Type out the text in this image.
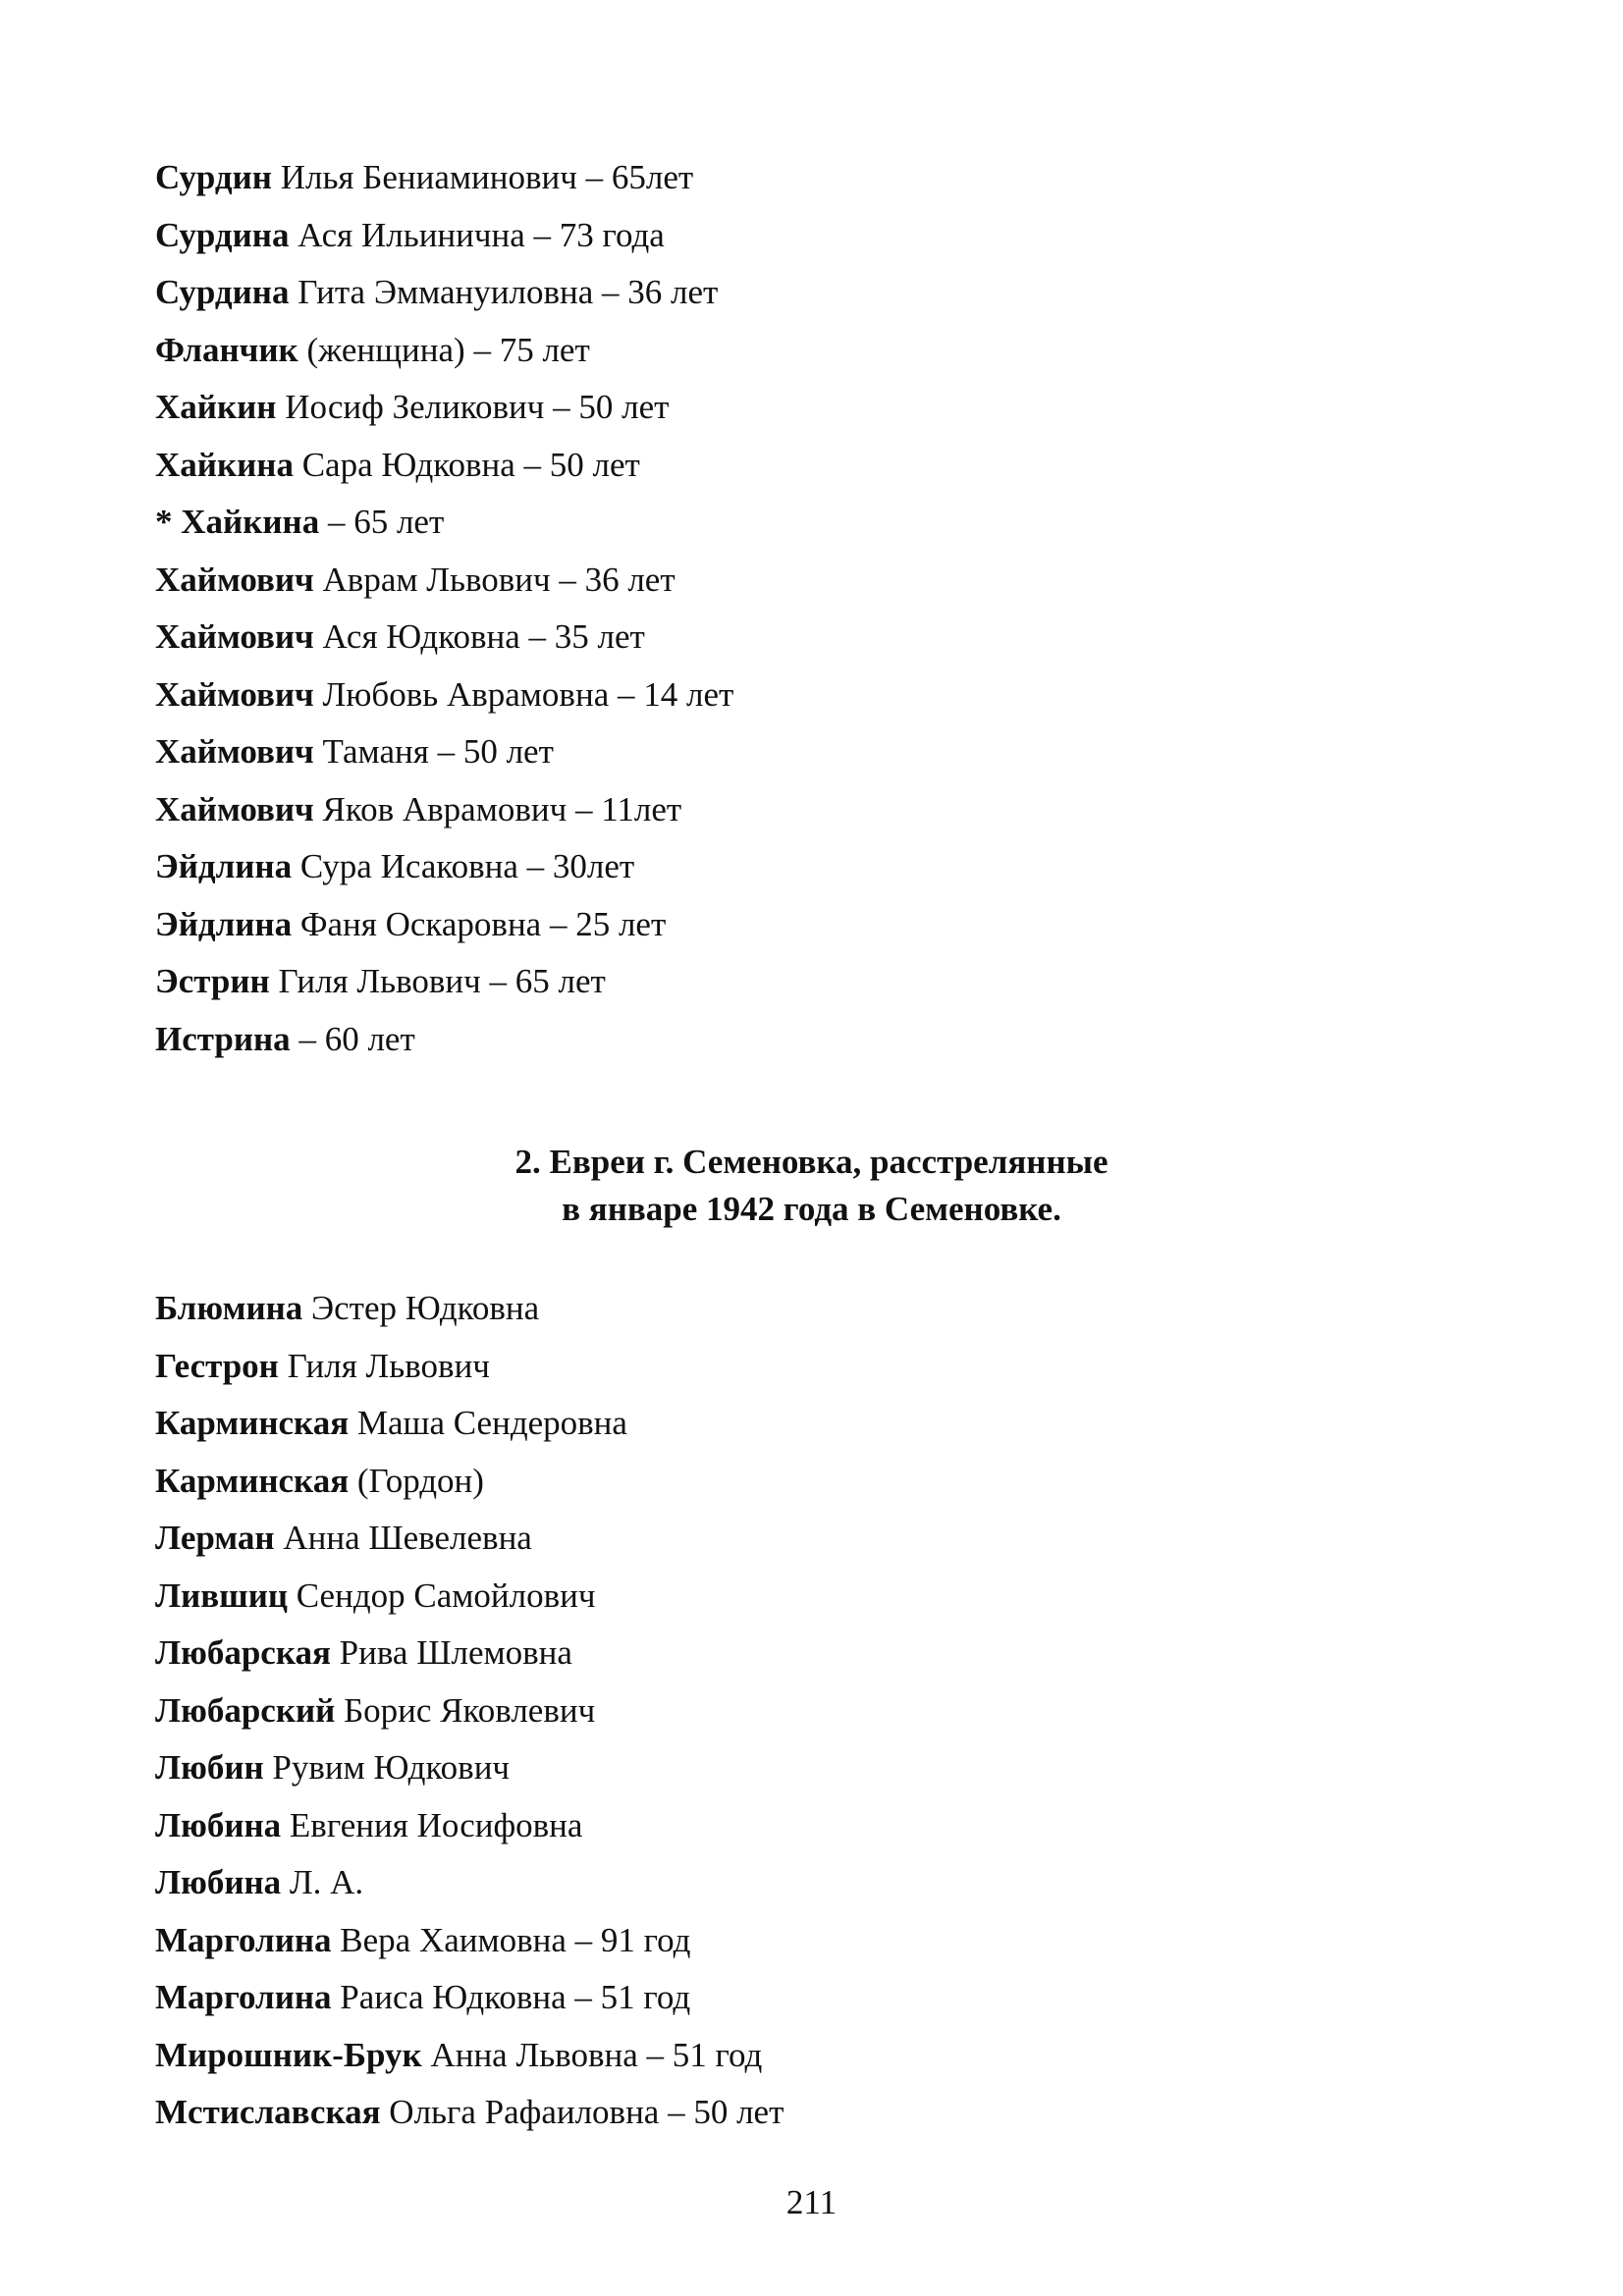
Сурдин Илья Бениаминович – 65лет
Сурдина Ася Ильинична – 73 года
Сурдина Гита Эммануиловна – 36 лет
Фланчик (женщина) – 75 лет
Хайкин Иосиф Зеликович – 50 лет
Хайкина Сара Юдковна – 50 лет
* Хайкина – 65 лет
Хаймович Аврам Львович – 36 лет
Хаймович Ася Юдковна – 35 лет
Хаймович Любовь Аврамовна – 14 лет
Хаймович Таманя – 50 лет
Хаймович Яков Аврамович – 11лет
Эйдлина Сура Исаковна – 30лет
Эйдлина Фаня Оскаровна – 25 лет
Эстрин Гиля Львович – 65 лет
Истрина – 60 лет
2. Евреи г. Семеновка, расстрелянные
в январе 1942 года в Семеновке.
Блюмина Эстер Юдковна
Гестрон Гиля Львович
Карминская Маша Сендеровна
Карминская (Гордон)
Лерман Анна Шевелевна
Лившиц Сендор Самойлович
Любарская Рива Шлемовна
Любарский Борис Яковлевич
Любин Рувим Юдкович
Любина Евгения Иосифовна
Любина Л. А.
Марголина Вера Хаимовна – 91 год
Марголина Раиса Юдковна – 51 год
Мирошник-Брук Анна Львовна – 51 год
Мстиславская Ольга Рафаиловна – 50 лет
211
